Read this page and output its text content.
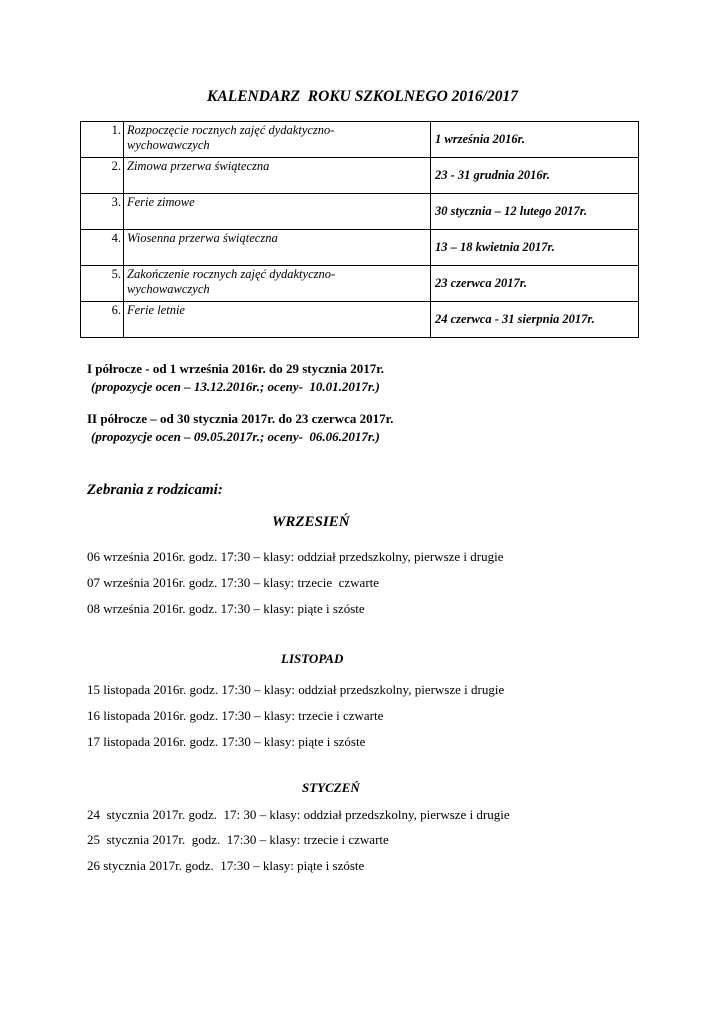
KALENDARZ  ROKU SZKOLNEGO 2016/2017
1.	Rozpoczęcie rocznych zajęć dydaktyczno-
wychowawczych	1 września 2016r.
2.	Zimowa przerwa świąteczna	23 - 31 grudnia 2016r.
3.	Ferie zimowe	30 stycznia – 12 lutego 2017r.
4.	Wiosenna przerwa świąteczna	13 – 18 kwietnia 2017r.
5.	Zakończenie rocznych zajęć dydaktyczno-
wychowawczych	23 czerwca 2017r.
6.	Ferie letnie	24 czerwca - 31 sierpnia 2017r.
I półrocze - od 1 września 2016r. do 29 stycznia 2017r.
(propozycje ocen – 13.12.2016r.; oceny-  10.01.2017r.)
II półrocze – od 30 stycznia 2017r. do 23 czerwca 2017r.
(propozycje ocen – 09.05.2017r.; oceny-  06.06.2017r.)
Zebrania z rodzicami:
WRZESIEŃ
06 września 2016r. godz. 17:30 – klasy: oddział przedszkolny, pierwsze i drugie
07 września 2016r. godz. 17:30 – klasy: trzecie  czwarte
08 września 2016r. godz. 17:30 – klasy: piąte i szóste
LISTOPAD
15 listopada 2016r. godz. 17:30 – klasy: oddział przedszkolny, pierwsze i drugie
16 listopada 2016r. godz. 17:30 – klasy: trzecie i czwarte
17 listopada 2016r. godz. 17:30 – klasy: piąte i szóste
STYCZEŃ
24  stycznia 2017r. godz.  17: 30 – klasy: oddział przedszkolny, pierwsze i drugie
25  stycznia 2017r.  godz.  17:30 – klasy: trzecie i czwarte
26 stycznia 2017r. godz.  17:30 – klasy: piąte i szóste
